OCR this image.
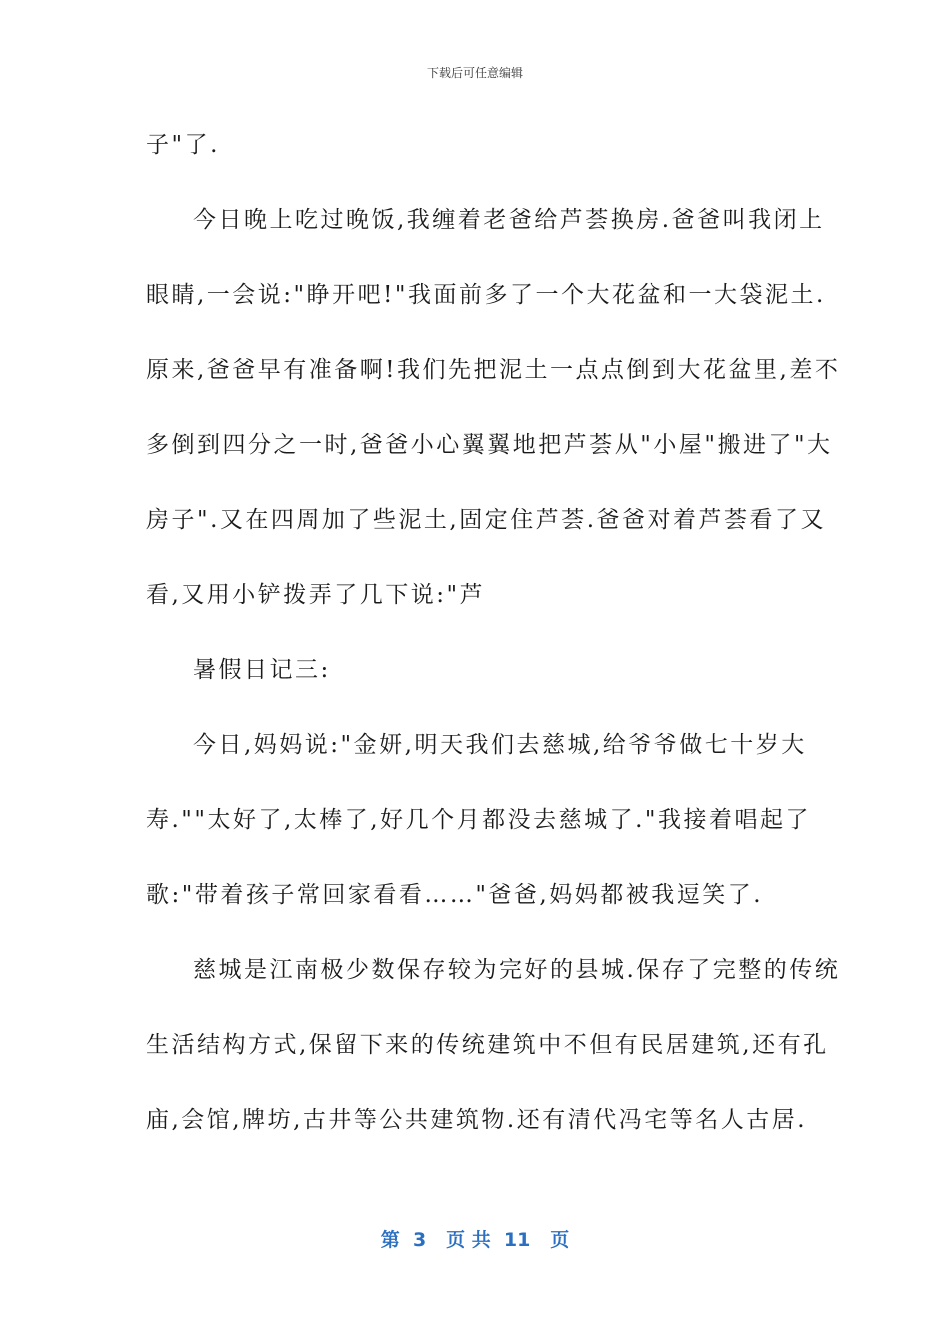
下载后可任意编辑
子"了.
今日晚上吃过晚饭,我缠着老爸给芦荟换房.爸爸叫我闭上
眼睛,一会说:"睁开吧!"我面前多了一个大花盆和一大袋泥土.
原来,爸爸早有准备啊!我们先把泥土一点点倒到大花盆里,差不
多倒到四分之一时,爸爸小心翼翼地把芦荟从"小屋"搬进了"大
房子".又在四周加了些泥土,固定住芦荟.爸爸对着芦荟看了又
看,又用小铲拨弄了几下说:"芦
暑假日记三:
今日,妈妈说:"金妍,明天我们去慈城,给爷爷做七十岁大
寿.""太好了,太棒了,好几个月都没去慈城了."我接着唱起了
歌:"带着孩子常回家看看……"爸爸,妈妈都被我逗笑了.
慈城是江南极少数保存较为完好的县城.保存了完整的传统
生活结构方式,保留下来的传统建筑中不但有民居建筑,还有孔
庙,会馆,牌坊,古井等公共建筑物.还有清代冯宅等名人古居.
第  3   页 共  11   页
